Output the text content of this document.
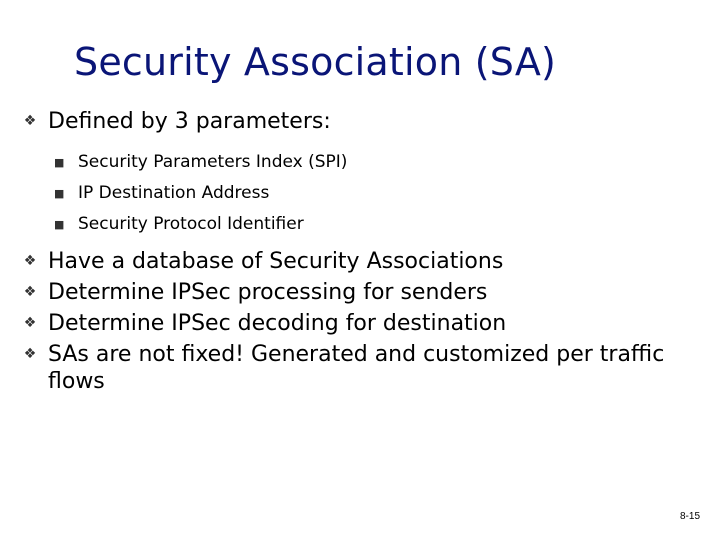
Security Association (SA)
❖ Defined by 3 parameters:
■ Security Parameters Index (SPI)
■ IP Destination Address
■ Security Protocol Identifier
❖ Have a database of Security Associations
❖ Determine IPSec processing for senders
❖ Determine IPSec decoding for destination
❖ SAs are not fixed! Generated and customized per traffic flows
8-15
